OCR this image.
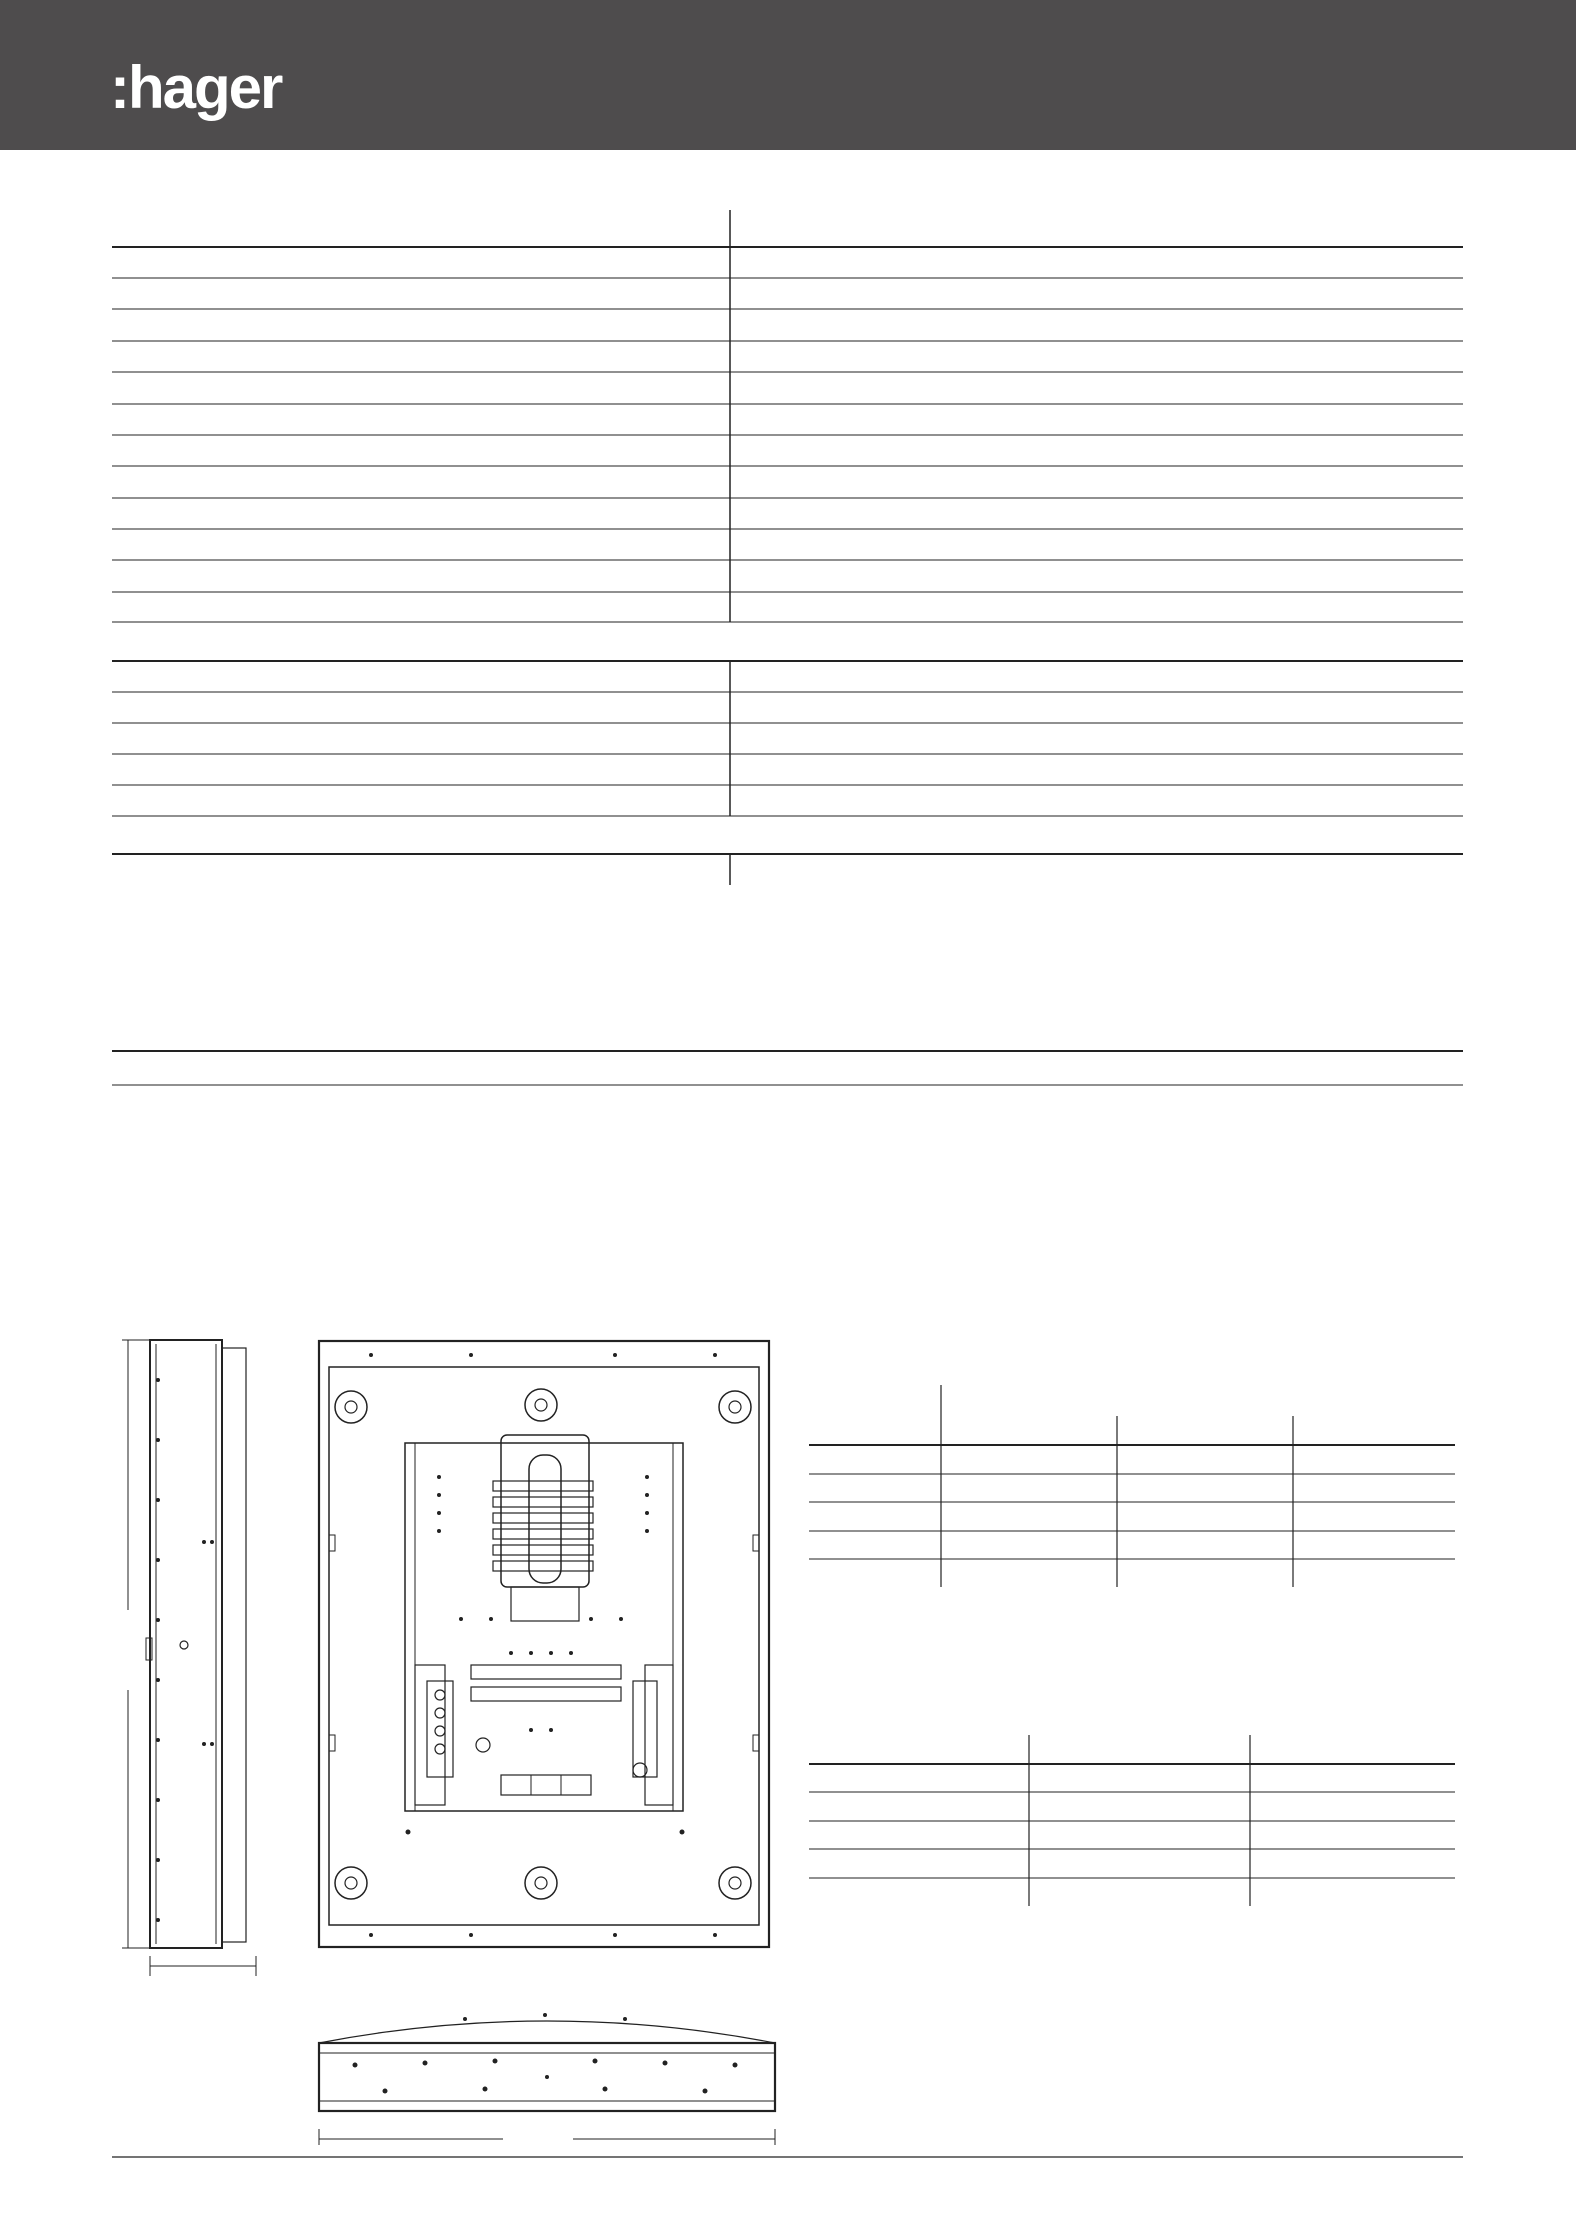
:hager
